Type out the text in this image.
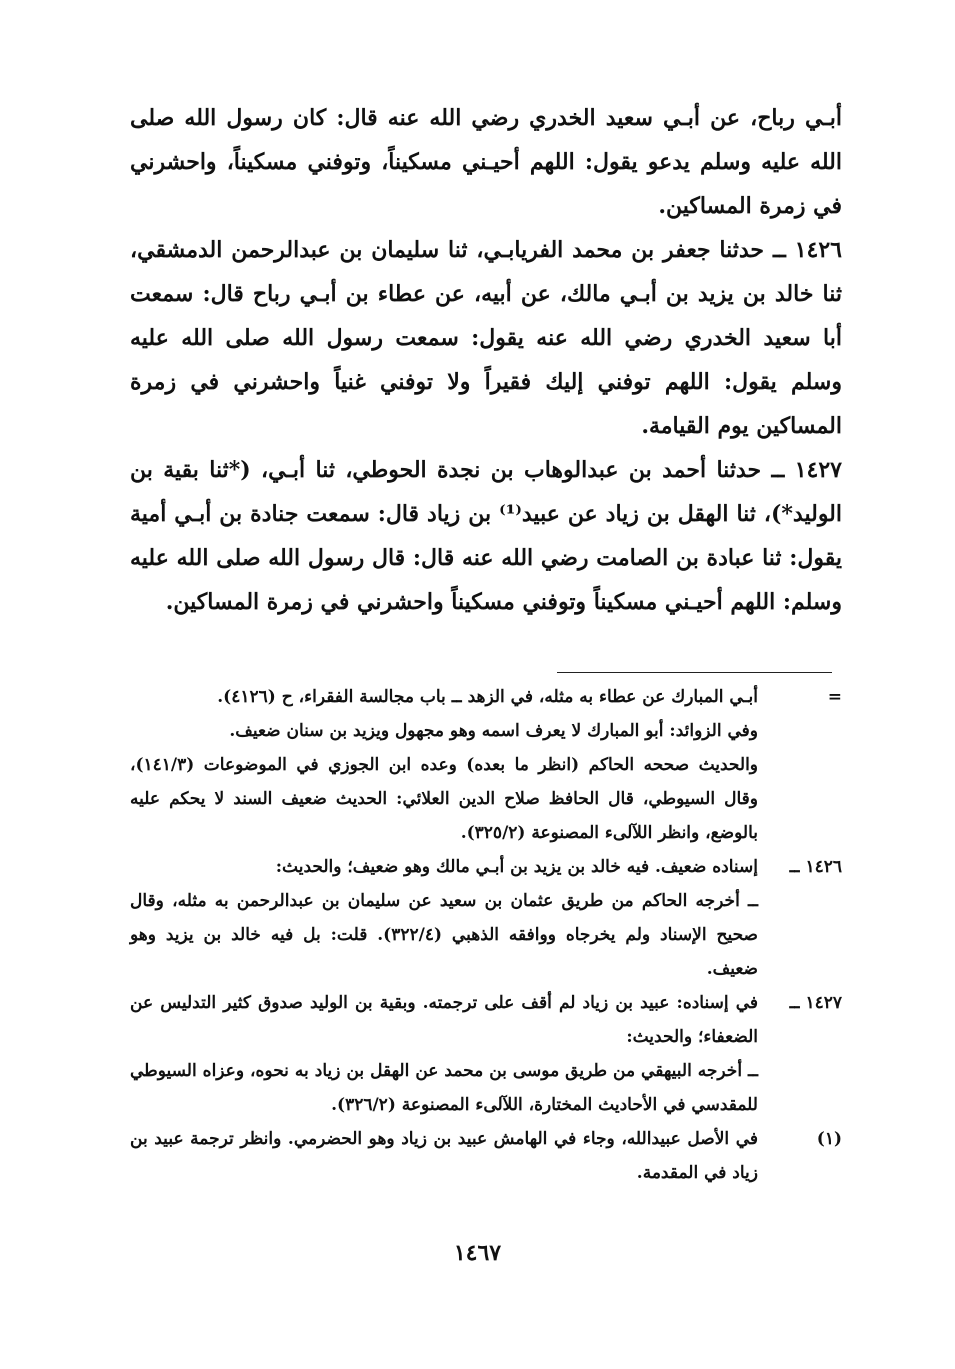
أبـي رباح، عن أبـي سعيد الخدري رضي الله عنه قال: كان رسول الله صلى الله عليه وسلم يدعو يقول: اللهم أحيـني مسكيناً، وتوفني مسكيناً، واحشرني في زمرة المساكين.

١٤٢٦ ــ حدثنا جعفر بن محمد الفريابـي، ثنا سليمان بن عبدالرحمن الدمشقي، ثنا خالد بن يزيد بن أبـي مالك، عن أبيه، عن عطاء بن أبـي رباح قال: سمعت أبا سعيد الخدري رضي الله عنه يقول: سمعت رسول الله صلى الله عليه وسلم يقول: اللهم توفني إليك فقيراً ولا توفني غنياً واحشرني في زمرة المساكين يوم القيامة.

١٤٢٧ ــ حدثنا أحمد بن عبدالوهاب بن نجدة الحوطي، ثنا أبـي، (*ثنا بقية بن الوليد*)، ثنا الهقل بن زياد عن عبيد⁽¹⁾ بن زياد قال: سمعت جنادة بن أبـي أمية يقول: ثنا عبادة بن الصامت رضي الله عنه قال: قال رسول الله صلى الله عليه وسلم: اللهم أحيـني مسكيناً وتوفني مسكيناً واحشرني في زمرة المساكين.

=
أبـي المبارك عن عطاء به مثله، في الزهد ــ باب مجالسة الفقراء، ح (٤١٢٦).
وفي الزوائد: أبو المبارك لا يعرف اسمه وهو مجهول ويزيد بن سنان ضعيف.
والحديث صححه الحاكم (انظر ما بعده) وعده ابن الجوزي في الموضوعات (١٤١/٣)، وقال السيوطي، قال الحافظ صلاح الدين العلائي: الحديث ضعيف السند لا يحكم عليه بالوضع، وانظر اللآلىء المصنوعة (٣٢٥/٢).
١٤٢٦ ــ
إسناده ضعيف. فيه خالد بن يزيد بن أبـي مالك وهو ضعيف؛ والحديث:
ــ أخرجه الحاكم من طريق عثمان بن سعيد عن سليمان بن عبدالرحمن به مثله، وقال صحيح الإسناد ولم يخرجاه ووافقه الذهبي (٣٢٢/٤). قلت: بل فيه خالد بن يزيد وهو ضعيف.
١٤٢٧ ــ
في إسناده: عبيد بن زياد لم أقف على ترجمته. وبقية بن الوليد صدوق كثير التدليس عن الضعفاء؛ والحديث:
ــ أخرجه البيهقي من طريق موسى بن محمد عن الهقل بن زياد به نحوه، وعزاه السيوطي للمقدسي في الأحاديث المختارة، اللآلىء المصنوعة (٣٢٦/٢).
(١)
في الأصل عبيدالله، وجاء في الهامش عبيد بن زياد وهو الحضرمي. وانظر ترجمة عبيد بن زياد في المقدمة.
١٤٦٧
